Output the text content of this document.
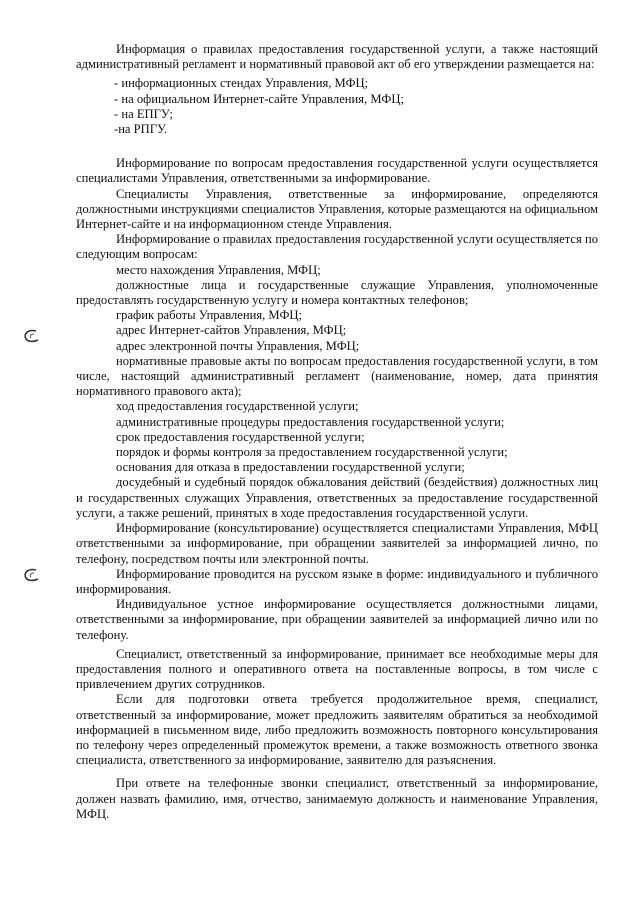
Информация о правилах предоставления государственной услуги, а также настоящий административный регламент и нормативный правовой акт об его утверждении размещается на:

- информационных стендах Управления, МФЦ;

- на официальном Интернет-сайте Управления, МФЦ;

- на ЕПГУ;

-на РПГУ.

Информирование по вопросам предоставления государственной услуги осуществляется специалистами Управления, ответственными за информирование.

Специалисты Управления, ответственные за информирование, определяются должностными инструкциями специалистов Управления, которые размещаются на официальном Интернет-сайте и на информационном стенде Управления.

Информирование о правилах предоставления государственной услуги осуществляется по следующим вопросам:

место нахождения Управления, МФЦ;

должностные лица и государственные служащие Управления, уполномоченные предоставлять государственную услугу и номера контактных телефонов;

график работы Управления, МФЦ;

адрес Интернет-сайтов Управления, МФЦ;

адрес электронной почты Управления, МФЦ;

нормативные правовые акты по вопросам предоставления государственной услуги, в том числе, настоящий административный регламент (наименование, номер, дата принятия нормативного правового акта);

ход предоставления государственной услуги;

административные процедуры предоставления государственной услуги;

срок предоставления государственной услуги;

порядок и формы контроля за предоставлением государственной услуги;

основания для отказа в предоставлении государственной услуги;

досудебный и судебный порядок обжалования действий (бездействия) должностных лиц и государственных служащих Управления, ответственных за предоставление государственной услуги, а также решений, принятых в ходе предоставления государственной услуги.

Информирование (консультирование) осуществляется специалистами Управления, МФЦ ответственными за информирование, при обращении заявителей за информацией лично, по телефону, посредством почты или электронной почты.

Информирование проводится на русском языке в форме: индивидуального и публичного информирования.

Индивидуальное устное информирование осуществляется должностными лицами, ответственными за информирование, при обращении заявителей за информацией лично или по телефону.

Специалист, ответственный за информирование, принимает все необходимые меры для предоставления полного и оперативного ответа на поставленные вопросы, в том числе с привлечением других сотрудников.

Если для подготовки ответа требуется продолжительное время, специалист, ответственный за информирование, может предложить заявителям обратиться за необходимой информацией в письменном виде, либо предложить возможность повторного консультирования по телефону через определенный промежуток времени, а также возможность ответного звонка специалиста, ответственного за информирование, заявителю для разъяснения.

При ответе на телефонные звонки специалист, ответственный за информирование, должен назвать фамилию, имя, отчество, занимаемую должность и наименование Управления, МФЦ.
